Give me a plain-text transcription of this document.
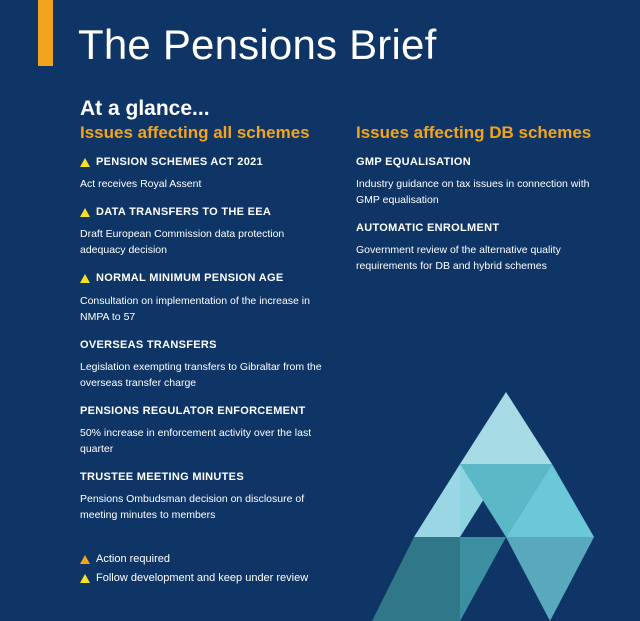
The Pensions Brief
At a glance...
Issues affecting all schemes	Issues affecting DB schemes
PENSION SCHEMES ACT 2021
Act receives Royal Assent
DATA TRANSFERS TO THE EEA
Draft European Commission data protection adequacy decision
NORMAL MINIMUM PENSION AGE
Consultation on implementation of the increase in NMPA to 57
OVERSEAS TRANSFERS
Legislation exempting transfers to Gibraltar from the overseas transfer charge
PENSIONS REGULATOR ENFORCEMENT
50% increase in enforcement activity over the last quarter
TRUSTEE MEETING MINUTES
Pensions Ombudsman decision on disclosure of meeting minutes to members
GMP EQUALISATION
Industry guidance on tax issues in connection with GMP equalisation
AUTOMATIC ENROLMENT
Government review of the alternative quality requirements for DB and hybrid schemes
Action required
Follow development and keep under review
